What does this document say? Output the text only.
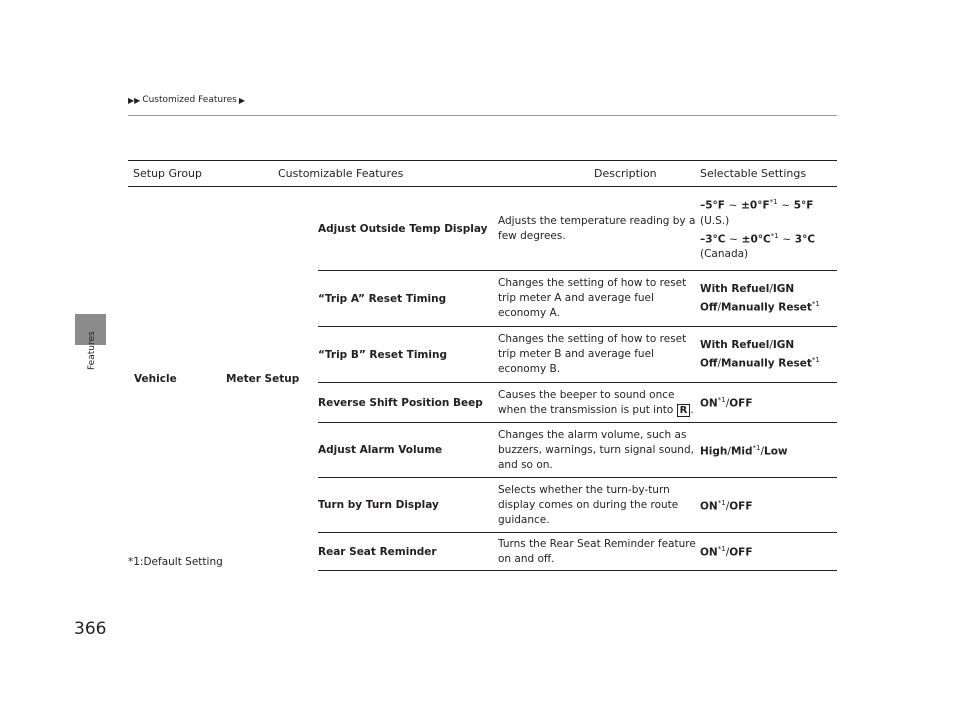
Features
▶▶ Customized Features ▶
Setup Group	Customizable Features		Description	Selectable Settings
Vehicle	Meter Setup	Adjust Outside Temp Display	Adjusts the temperature reading by a few degrees.	–5°F ~ $\pm 0^\circ F^{*1}$ ~ 5°F
(U.S.)
–3°C ~ $\pm 0^\circ C^{*1}$ ~ 3°C
(Canada)
		“Trip A” Reset Timing	Changes the setting of how to reset trip meter A and average fuel economy A.	With Refuel/IGN Off/Manually Reset$^{*1}$
		“Trip B” Reset Timing	Changes the setting of how to reset trip meter B and average fuel economy B.	With Refuel/IGN Off/Manually Reset$^{*1}$
		Reverse Shift Position Beep	Causes the beeper to sound once when the transmission is put into R .	ON$^{*1}$/OFF
		Adjust Alarm Volume	Changes the alarm volume, such as buzzers, warnings, turn signal sound, and so on.	High/Mid$^{*1}$/Low
		Turn by Turn Display	Selects whether the turn-by-turn display comes on during the route guidance.	ON$^{*1}$/OFF
		Rear Seat Reminder	Turns the Rear Seat Reminder feature on and off.	ON$^{*1}$/OFF
*1:Default Setting
366
